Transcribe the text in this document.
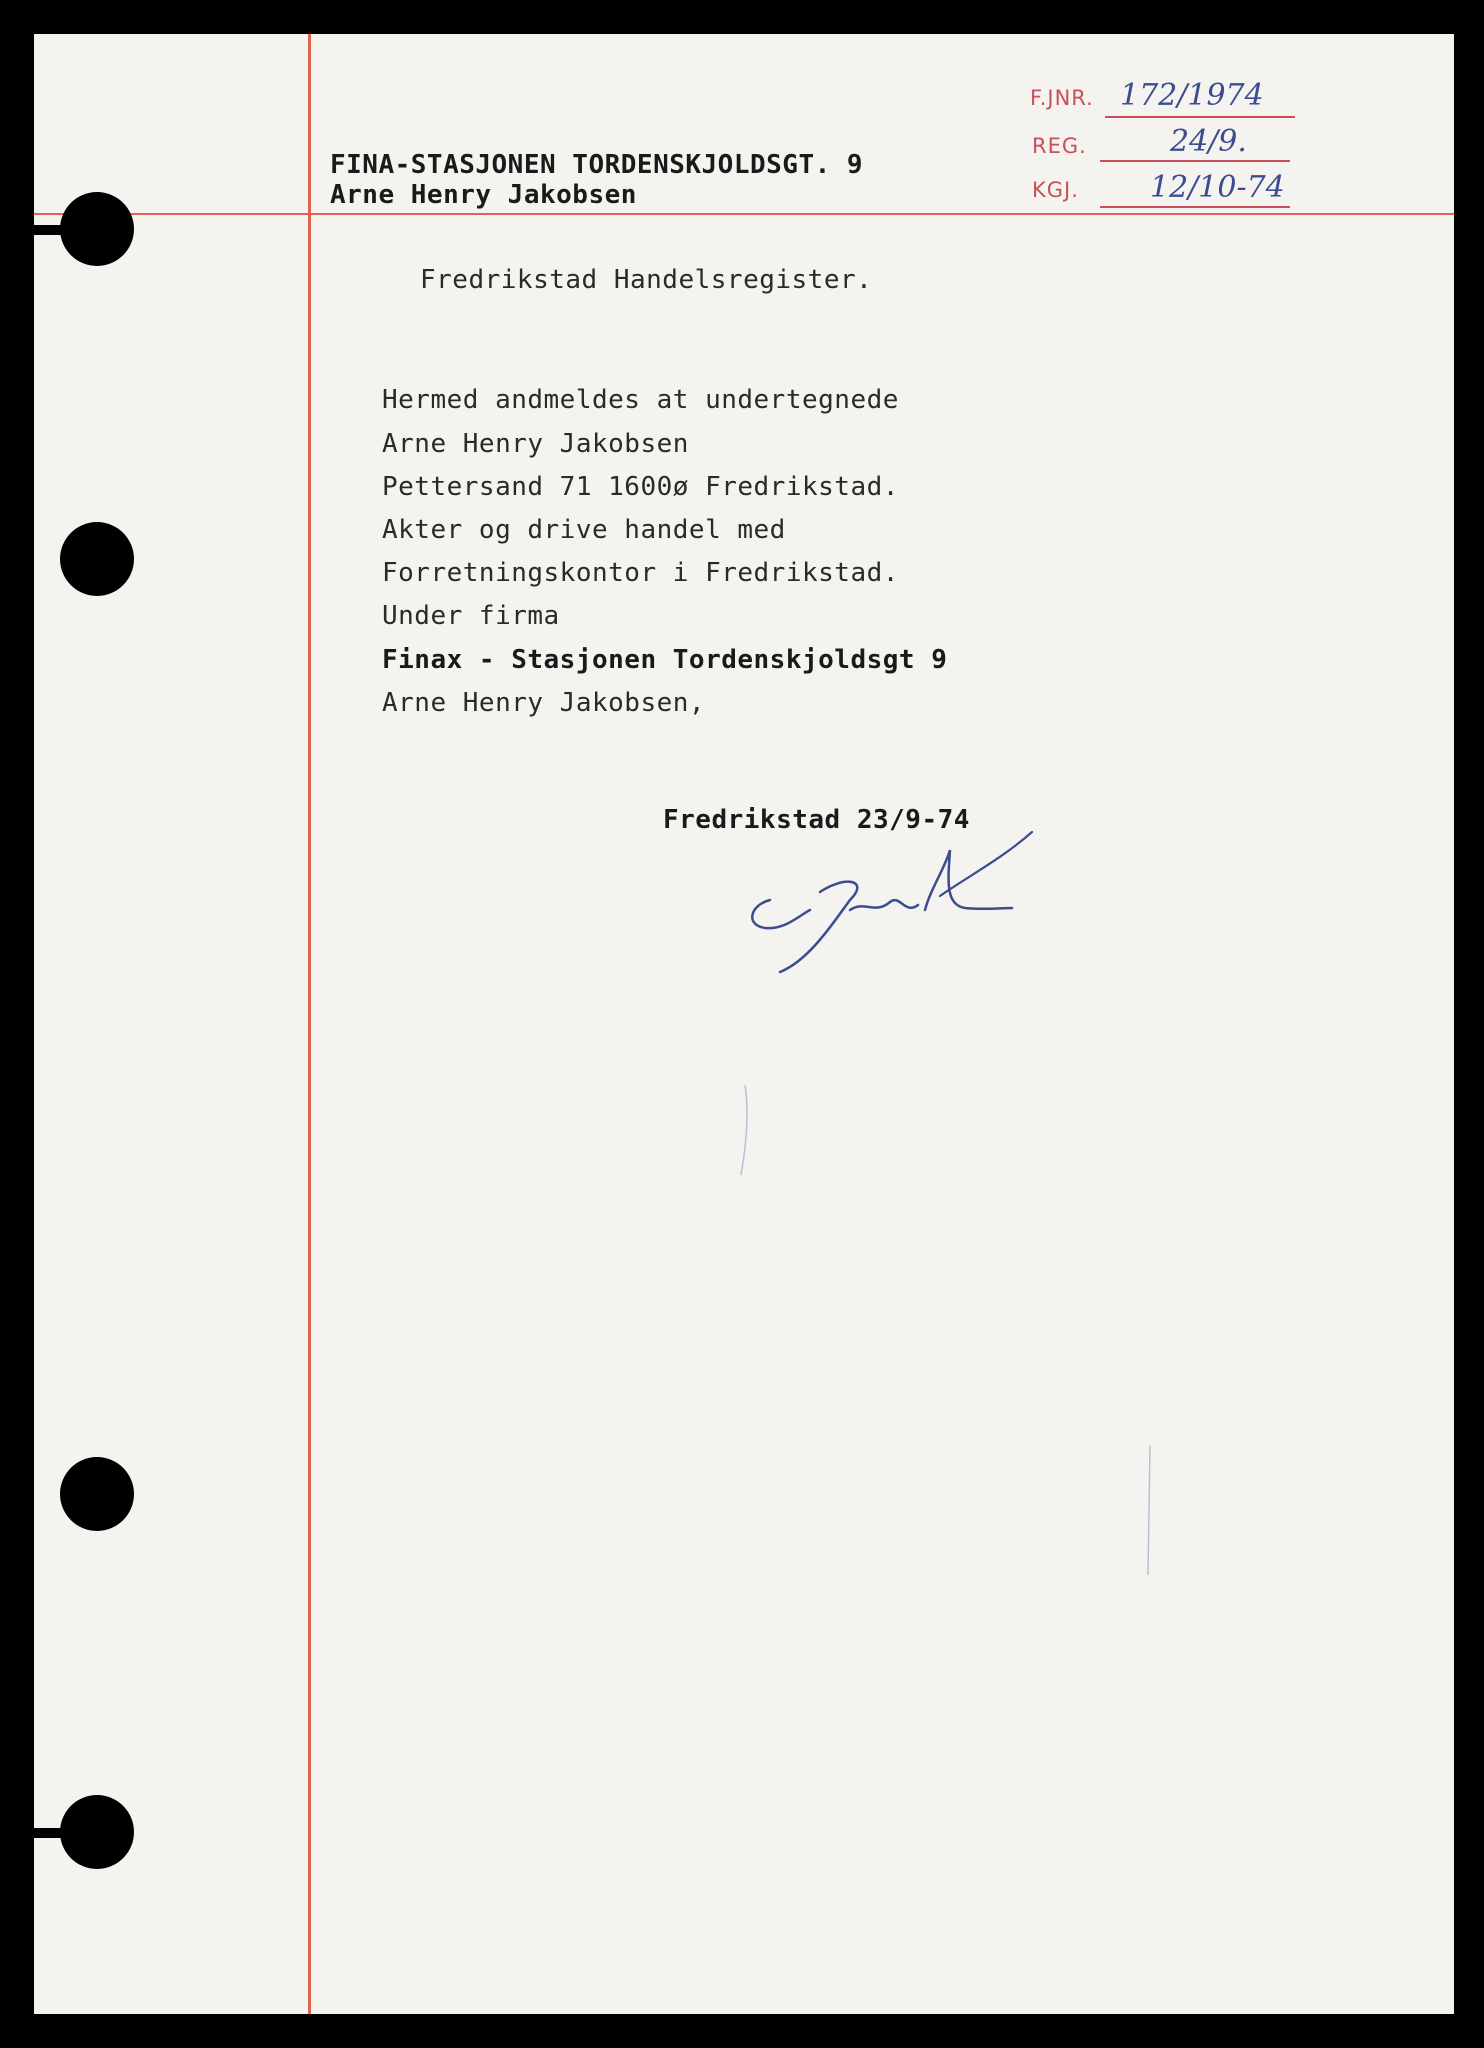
FINA-STASJONEN TORDENSKJOLDSGT. 9
Arne Henry Jakobsen
F.JNR. 172/1974
REG.	24/9.
KGJ. 12/10-74
Fredrikstad Handelsregister.
Hermed andmeldes at undertegnede
Arne Henry Jakobsen
Pettersand 71 1600ø Fredrikstad.
Akter og drive handel med
Forretningskontor i Fredrikstad.
Under firma
Finax - Stasjonen Tordenskjoldsgt 9
Arne Henry Jakobsen,
Fredrikstad 23/9-74
